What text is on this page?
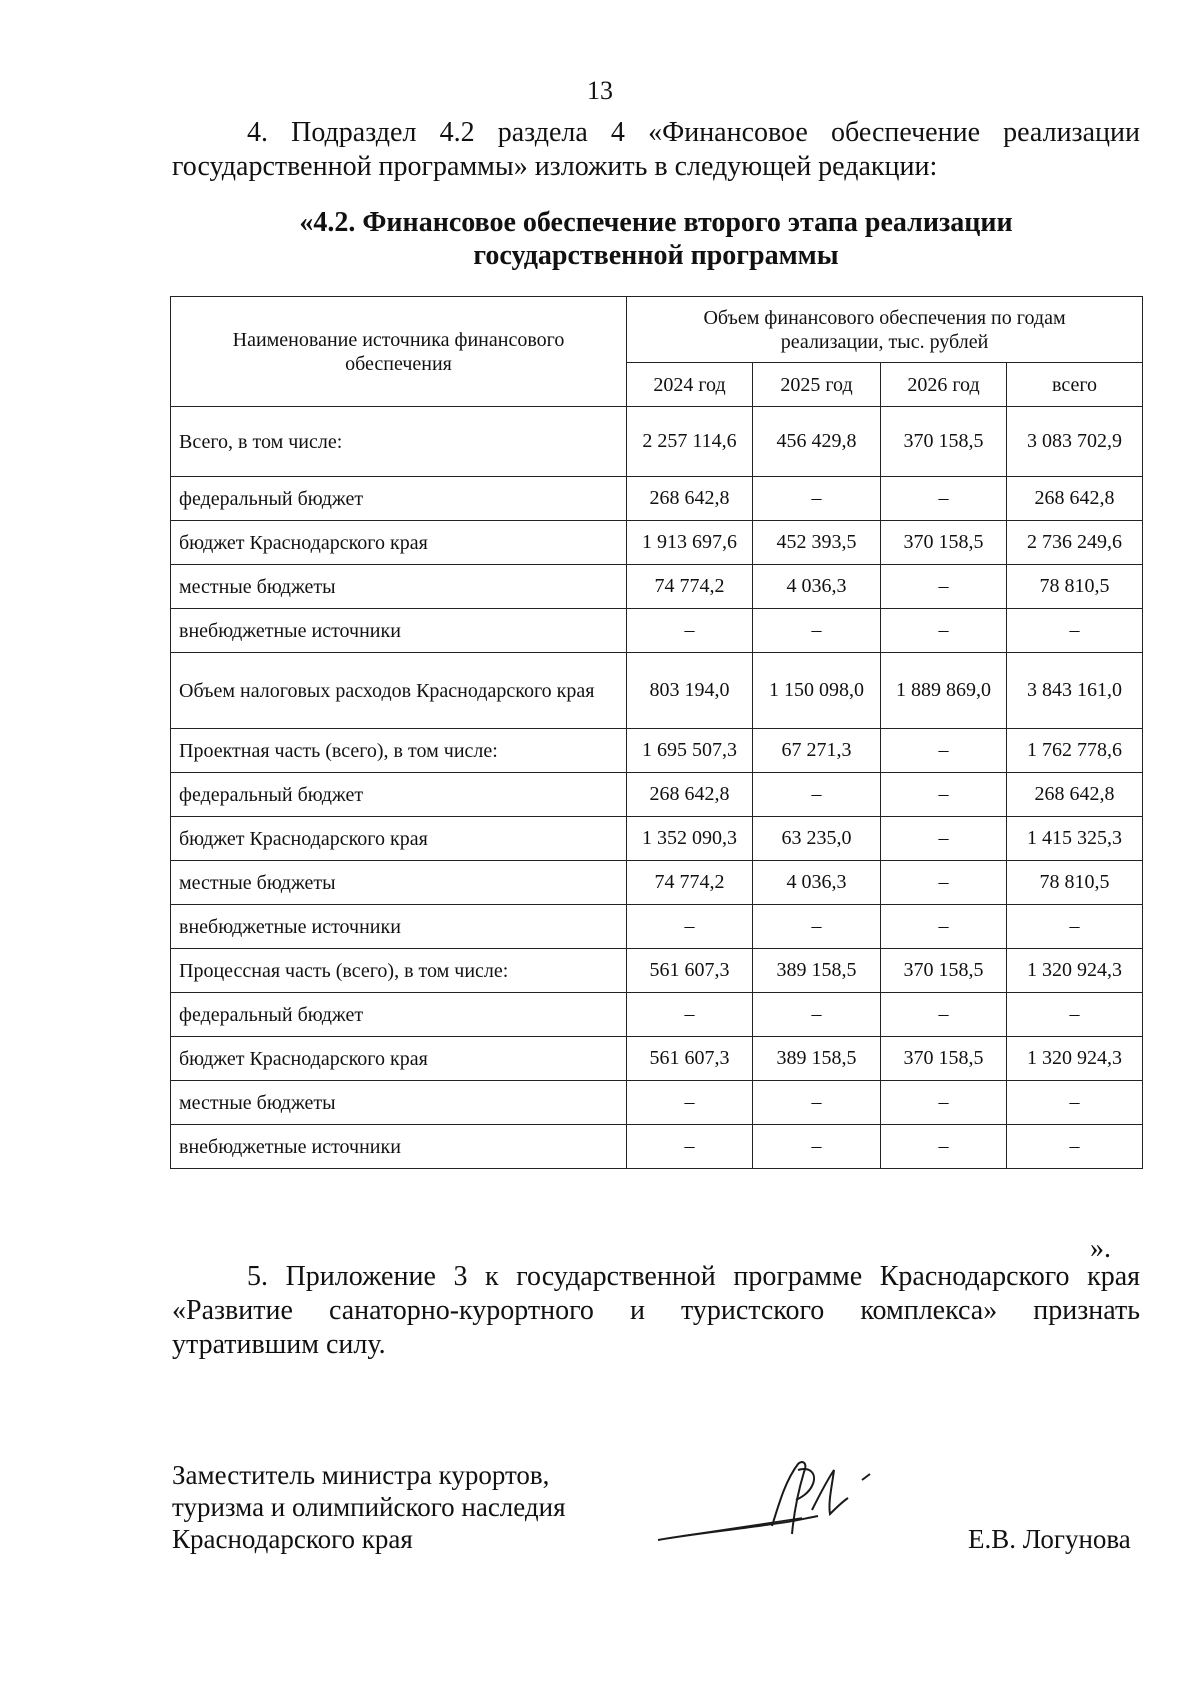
13
4. Подраздел 4.2 раздела 4 «Финансовое обеспечение реализации государственной программы» изложить в следующей редакции:
«4.2. Финансовое обеспечение второго этапа реализации
государственной программы
Наименование источника финансового обеспечения	Объем финансового обеспечения по годам реализации, тыс. рублей			
	2024 год	2025 год	2026 год	всего
Всего, в том числе:	2 257 114,6	456 429,8	370 158,5	3 083 702,9
федеральный бюджет	268 642,8	–	–	268 642,8
бюджет Краснодарского края	1 913 697,6	452 393,5	370 158,5	2 736 249,6
местные бюджеты	74 774,2	4 036,3	–	78 810,5
внебюджетные источники	–	–	–	–
Объем налоговых расходов Краснодарского края	803 194,0	1 150 098,0	1 889 869,0	3 843 161,0
Проектная часть (всего), в том числе:	1 695 507,3	67 271,3	–	1 762 778,6
федеральный бюджет	268 642,8	–	–	268 642,8
бюджет Краснодарского края	1 352 090,3	63 235,0	–	1 415 325,3
местные бюджеты	74 774,2	4 036,3	–	78 810,5
внебюджетные источники	–	–	–	–
Процессная часть (всего), в том числе:	561 607,3	389 158,5	370 158,5	1 320 924,3
федеральный бюджет	–	–	–	–
бюджет Краснодарского края	561 607,3	389 158,5	370 158,5	1 320 924,3
местные бюджеты	–	–	–	–
внебюджетные источники	–	–	–	–
».
5. Приложение 3 к государственной программе Краснодарского края «Развитие санаторно-курортного и туристского комплекса» признать утратившим силу.
Заместитель министра курортов,
туризма и олимпийского наследия
Краснодарского края	Е.В. Логунова
